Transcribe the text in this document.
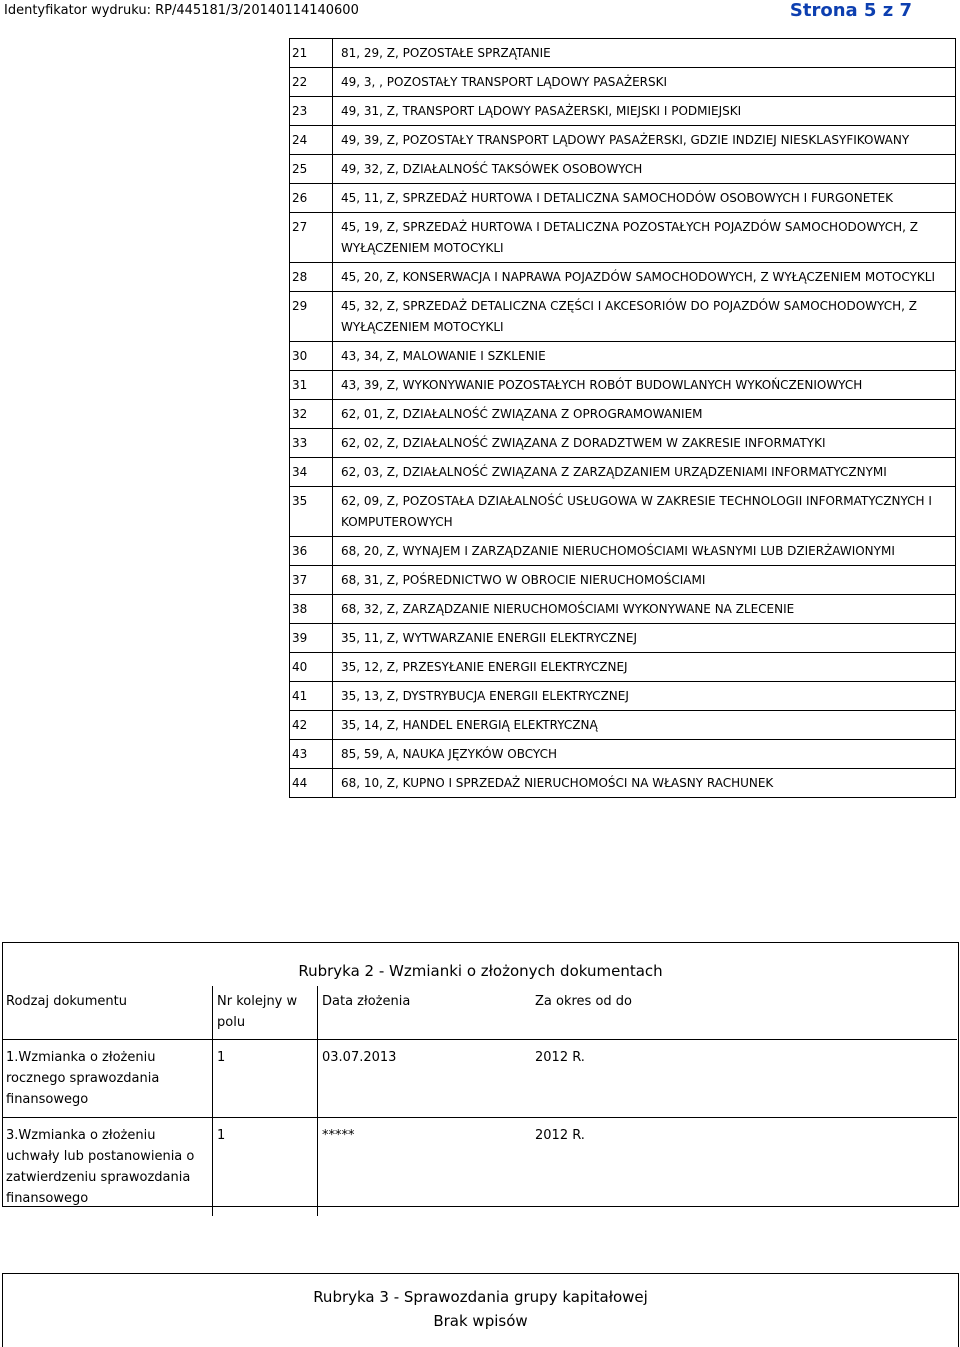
Identyfikator wydruku: RP/445181/3/20140114140600	Strona 5 z 7
21	81, 29, Z, POZOSTAŁE SPRZĄTANIE
22	49, 3, , POZOSTAŁY TRANSPORT LĄDOWY PASAŻERSKI
23	49, 31, Z, TRANSPORT LĄDOWY PASAŻERSKI, MIEJSKI I PODMIEJSKI
24	49, 39, Z, POZOSTAŁY TRANSPORT LĄDOWY PASAŻERSKI, GDZIE INDZIEJ NIESKLASYFIKOWANY
25	49, 32, Z, DZIAŁALNOŚĆ TAKSÓWEK OSOBOWYCH
26	45, 11, Z, SPRZEDAŻ HURTOWA I DETALICZNA SAMOCHODÓW OSOBOWYCH I FURGONETEK
27	45, 19, Z, SPRZEDAŻ HURTOWA I DETALICZNA POZOSTAŁYCH POJAZDÓW SAMOCHODOWYCH, Z WYŁĄCZENIEM MOTOCYKLI
28	45, 20, Z, KONSERWACJA I NAPRAWA POJAZDÓW SAMOCHODOWYCH, Z WYŁĄCZENIEM MOTOCYKLI
29	45, 32, Z, SPRZEDAŻ DETALICZNA CZĘŚCI I AKCESORIÓW DO POJAZDÓW SAMOCHODOWYCH, Z WYŁĄCZENIEM MOTOCYKLI
30	43, 34, Z, MALOWANIE I SZKLENIE
31	43, 39, Z, WYKONYWANIE POZOSTAŁYCH ROBÓT BUDOWLANYCH WYKOŃCZENIOWYCH
32	62, 01, Z, DZIAŁALNOŚĆ ZWIĄZANA Z OPROGRAMOWANIEM
33	62, 02, Z, DZIAŁALNOŚĆ ZWIĄZANA Z DORADZTWEM W ZAKRESIE INFORMATYKI
34	62, 03, Z, DZIAŁALNOŚĆ ZWIĄZANA Z ZARZĄDZANIEM URZĄDZENIAMI INFORMATYCZNYMI
35	62, 09, Z, POZOSTAŁA DZIAŁALNOŚĆ USŁUGOWA W ZAKRESIE TECHNOLOGII INFORMATYCZNYCH I KOMPUTEROWYCH
36	68, 20, Z, WYNAJEM I ZARZĄDZANIE NIERUCHOMOŚCIAMI WŁASNYMI LUB DZIERŻAWIONYMI
37	68, 31, Z, POŚREDNICTWO W OBROCIE NIERUCHOMOŚCIAMI
38	68, 32, Z, ZARZĄDZANIE NIERUCHOMOŚCIAMI WYKONYWANE NA ZLECENIE
39	35, 11, Z, WYTWARZANIE ENERGII ELEKTRYCZNEJ
40	35, 12, Z, PRZESYŁANIE ENERGII ELEKTRYCZNEJ
41	35, 13, Z, DYSTRYBUCJA ENERGII ELEKTRYCZNEJ
42	35, 14, Z, HANDEL ENERGIĄ ELEKTRYCZNĄ
43	85, 59, A, NAUKA JĘZYKÓW OBCYCH
44	68, 10, Z, KUPNO I SPRZEDAŻ NIERUCHOMOŚCI NA WŁASNY RACHUNEK
Rubryka 2 - Wzmianki o złożonych dokumentach
Rodzaj dokumentu	Nr kolejny w polu	Data złożenia	Za okres od do
1.Wzmianka o złożeniu rocznego sprawozdania finansowego	1	03.07.2013	2012 R.
3.Wzmianka o złożeniu uchwały lub postanowienia o zatwierdzeniu sprawozdania finansowego	1	*****	2012 R.
Rubryka 3 - Sprawozdania grupy kapitałowej
Brak wpisów
